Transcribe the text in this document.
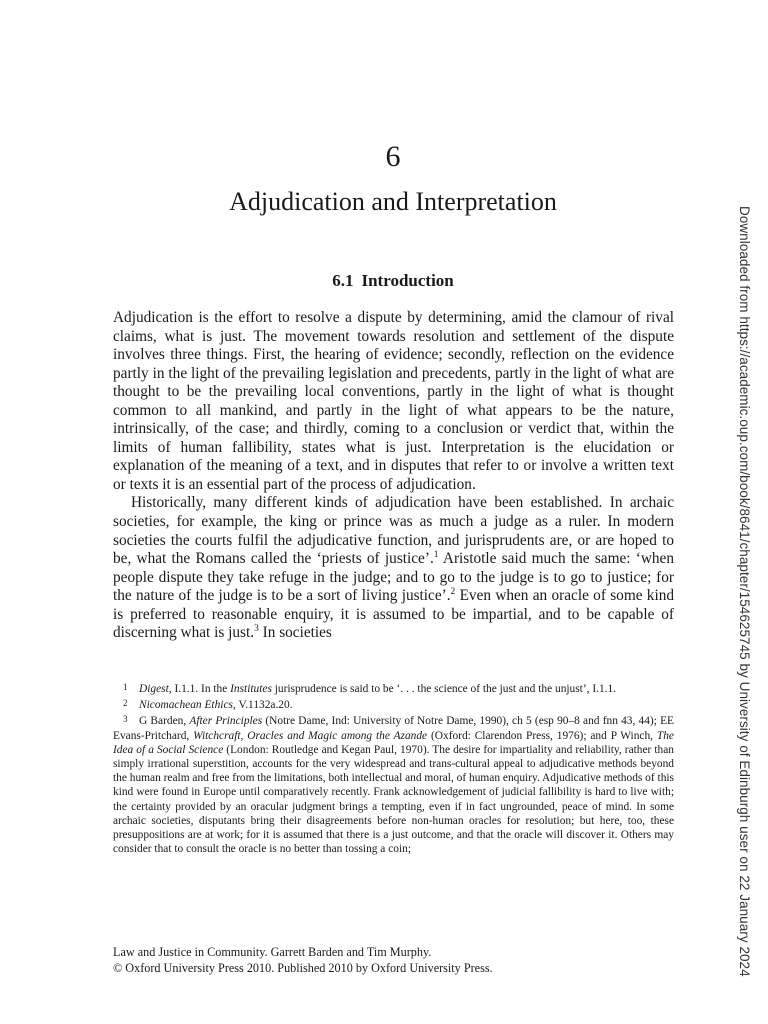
6
Adjudication and Interpretation
6.1 Introduction

Adjudication is the effort to resolve a dispute by determining, amid the clamour of rival claims, what is just. The movement towards resolution and settlement of the dispute involves three things. First, the hearing of evidence; secondly, reflection on the evidence partly in the light of the prevailing legislation and precedents, partly in the light of what are thought to be the prevailing local conventions, partly in the light of what is thought common to all mankind, and partly in the light of what appears to be the nature, intrinsically, of the case; and thirdly, coming to a conclusion or verdict that, within the limits of human fallibility, states what is just. Interpretation is the elucidation or explanation of the meaning of a text, and in disputes that refer to or involve a written text or texts it is an essential part of the process of adjudication.

Historically, many different kinds of adjudication have been established. In archaic societies, for example, the king or prince was as much a judge as a ruler. In modern societies the courts fulfil the adjudicative function, and jurisprudents are, or are hoped to be, what the Romans called the ‘priests of justice’.$^1$ Aristotle said much the same: ‘when people dispute they take refuge in the judge; and to go to the judge is to go to justice; for the nature of the judge is to be a sort of living justice’.$^2$ Even when an oracle of some kind is preferred to reasonable enquiry, it is assumed to be impartial, and to be capable of discerning what is just.$^3$ In societies

1 Digest, I.1.1. In the Institutes jurisprudence is said to be ‘. . . the science of the just and the unjust’, I.1.1.

2 Nicomachean Ethics, V.1132a.20.

3 G Barden, After Principles (Notre Dame, Ind: University of Notre Dame, 1990), ch 5 (esp 90–8 and fnn 43, 44); EE Evans-Pritchard, Witchcraft, Oracles and Magic among the Azande (Oxford: Clarendon Press, 1976); and P Winch, The Idea of a Social Science (London: Routledge and Kegan Paul, 1970). The desire for impartiality and reliability, rather than simply irrational superstition, accounts for the very widespread and trans-cultural appeal to adjudicative methods beyond the human realm and free from the limitations, both intellectual and moral, of human enquiry. Adjudicative methods of this kind were found in Europe until comparatively recently. Frank acknowledgement of judicial fallibility is hard to live with; the certainty provided by an oracular judgment brings a tempting, even if in fact ungrounded, peace of mind. In some archaic societies, disputants bring their disagreements before non-human oracles for resolution; but here, too, these presuppositions are at work; for it is assumed that there is a just outcome, and that the oracle will discover it. Others may consider that to consult the oracle is no better than tossing a coin;

Law and Justice in Community. Garrett Barden and Tim Murphy.
© Oxford University Press 2010. Published 2010 by Oxford University Press.	Downloaded from https://academic.oup.com/book/8641/chapter/154625745 by University of Edinburgh user on 22 January 2024
